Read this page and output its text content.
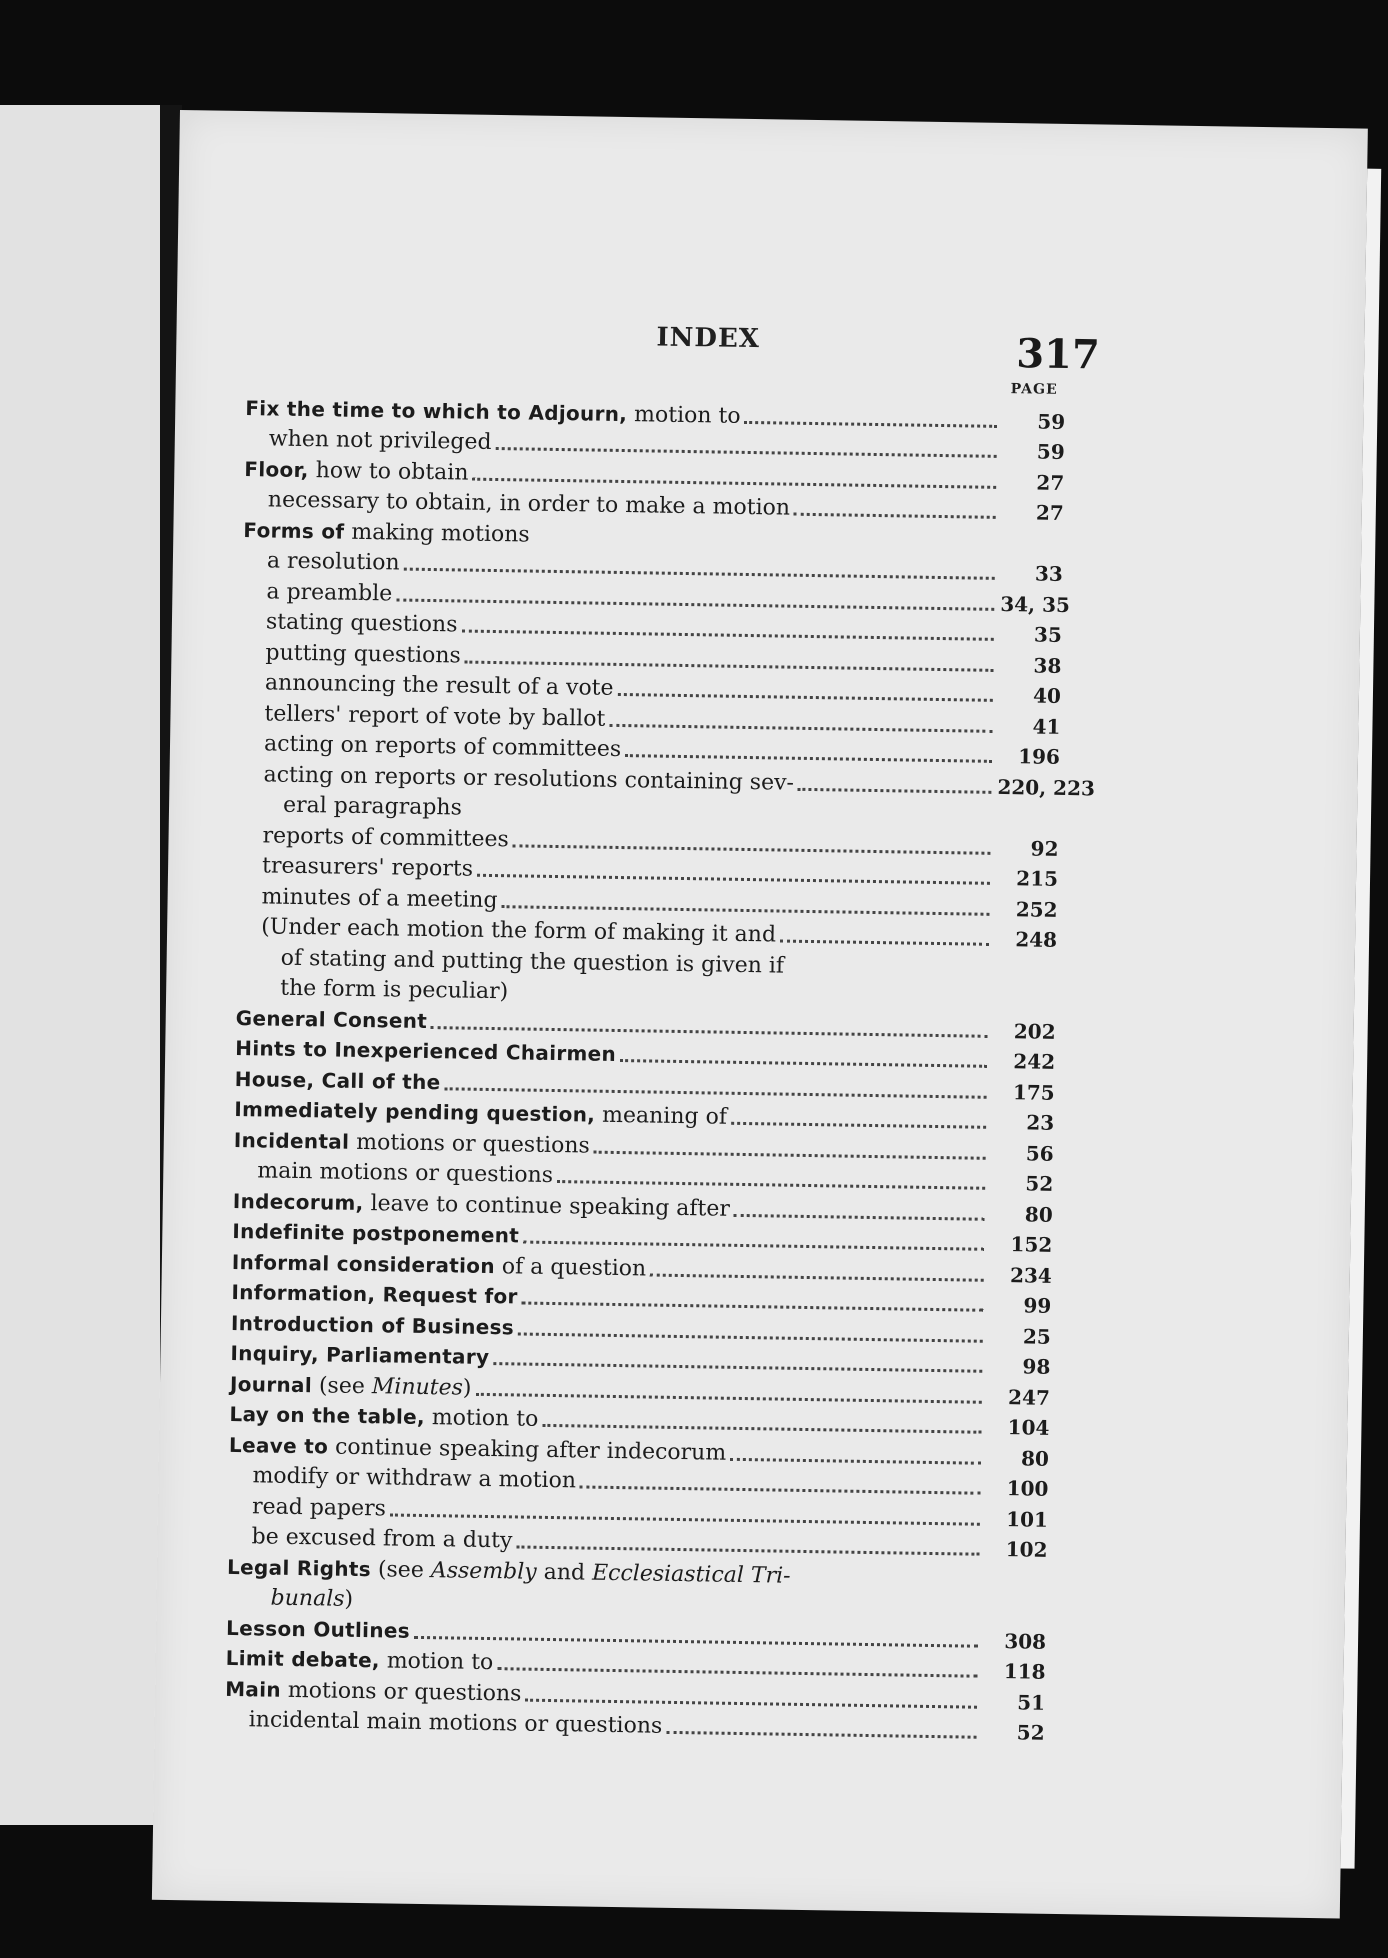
INDEX	317
PAGE
Fix the time to which to Adjourn, motion to	59
when not privileged	59
Floor, how to obtain	27
necessary to obtain, in order to make a motion	27
Forms of making motions
a resolution	33
a preamble	34, 35
stating questions	35
putting questions	38
announcing the result of a vote	40
tellers' report of vote by ballot	41
acting on reports of committees	196
acting on reports or resolutions containing sev-	220, 223
eral paragraphs
reports of committees	92
treasurers' reports	215
minutes of a meeting	252
(Under each motion the form of making it and	248
of stating and putting the question is given if
the form is peculiar)
General Consent	202
Hints to Inexperienced Chairmen	242
House, Call of the	175
Immediately pending question, meaning of	23
Incidental motions or questions	56
main motions or questions	52
Indecorum, leave to continue speaking after	80
Indefinite postponement	152
Informal consideration of a question	234
Information, Request for	99
Introduction of Business	25
Inquiry, Parliamentary	98
Journal (see Minutes)	247
Lay on the table, motion to	104
Leave to continue speaking after indecorum	80
modify or withdraw a motion	100
read papers	101
be excused from a duty	102
Legal Rights (see Assembly and Ecclesiastical Tri-
bunals)
Lesson Outlines	308
Limit debate, motion to	118
Main motions or questions	51
incidental main motions or questions	52
